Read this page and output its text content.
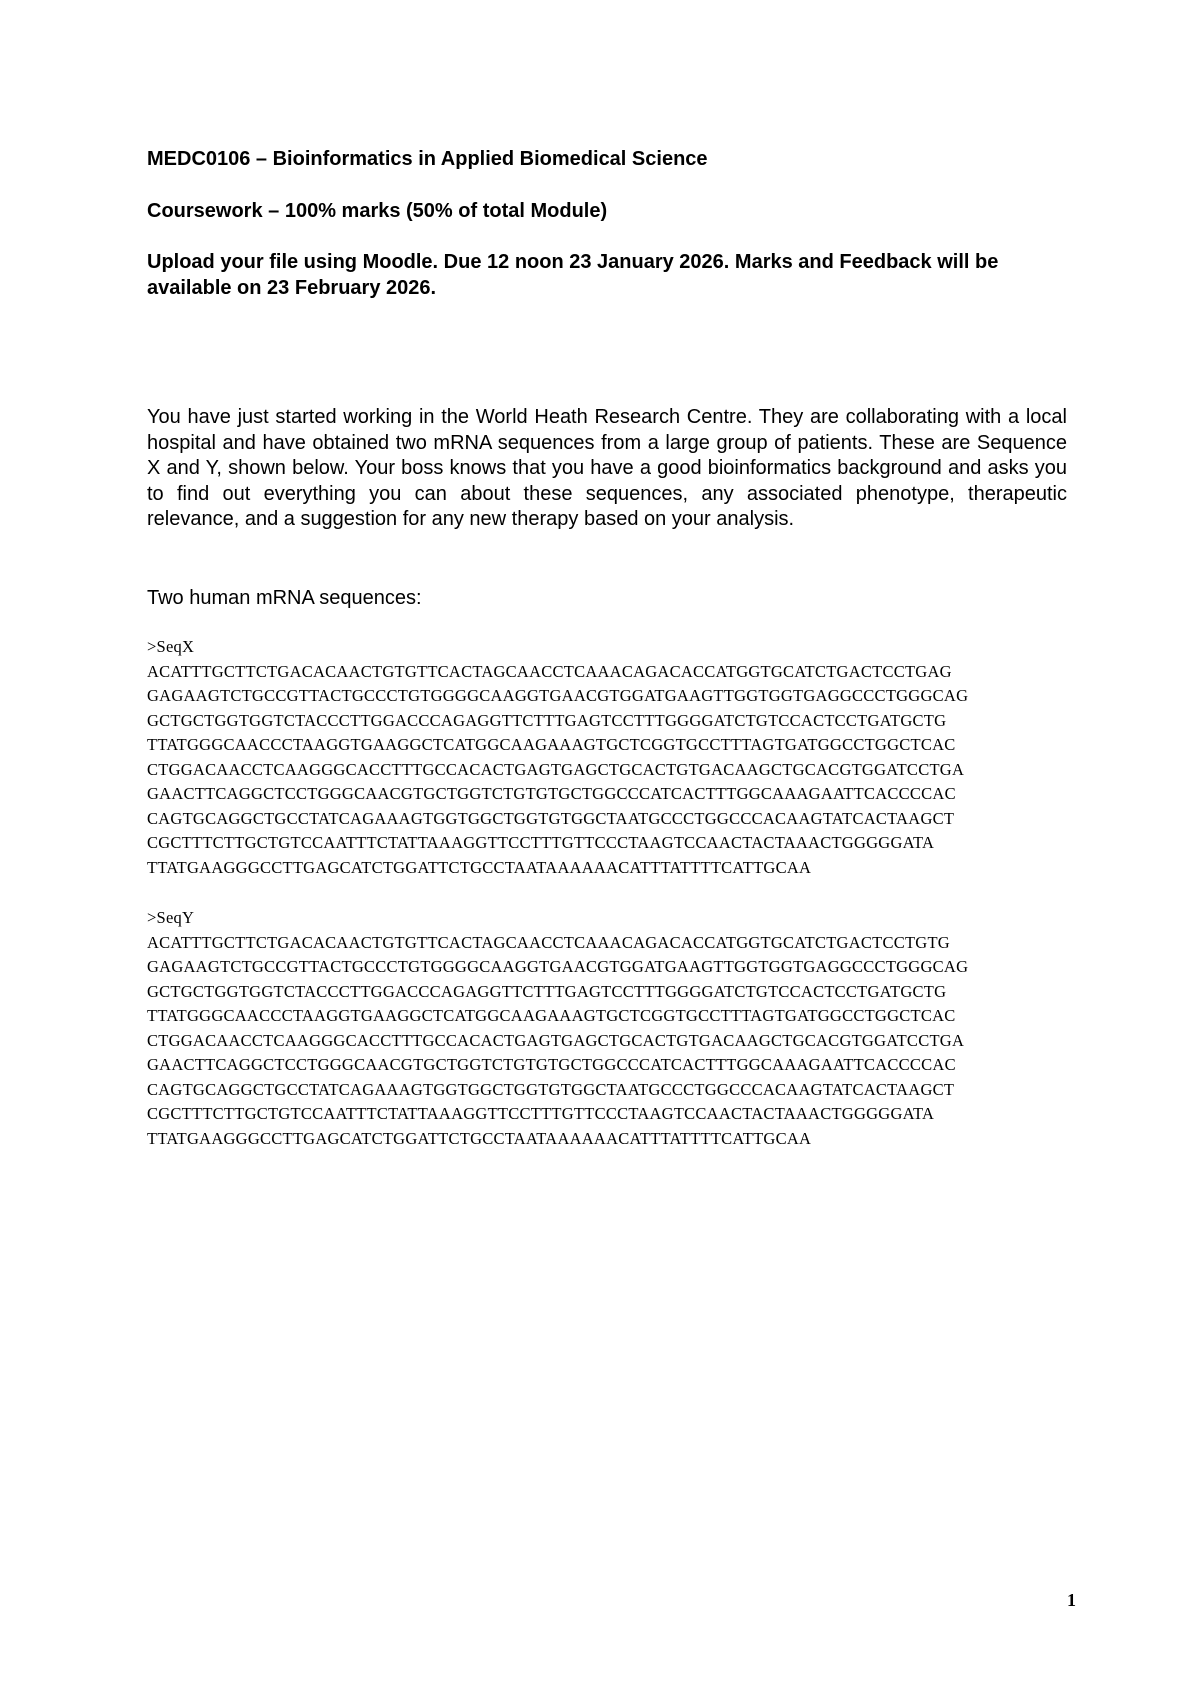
MEDC0106 – Bioinformatics in Applied Biomedical Science

Coursework – 100% marks (50% of total Module)

Upload your file using Moodle. Due 12 noon 23 January 2026. Marks and Feedback will be available on 23 February 2026.

You have just started working in the World Heath Research Centre. They are collaborating with a local hospital and have obtained two mRNA sequences from a large group of patients. These are Sequence X and Y, shown below. Your boss knows that you have a good bioinformatics background and asks you to find out everything you can about these sequences, any associated phenotype, therapeutic relevance, and a suggestion for any new therapy based on your analysis.

Two human mRNA sequences:

>SeqX
ACATTTGCTTCTGACACAACTGTGTTCACTAGCAACCTCAAACAGACACCATGGTGCATCTGACTCCTGAG
GAGAAGTCTGCCGTTACTGCCCTGTGGGGCAAGGTGAACGTGGATGAAGTTGGTGGTGAGGCCCTGGGCAG
GCTGCTGGTGGTCTACCCTTGGACCCAGAGGTTCTTTGAGTCCTTTGGGGATCTGTCCACTCCTGATGCTG
TTATGGGCAACCCTAAGGTGAAGGCTCATGGCAAGAAAGTGCTCGGTGCCTTTAGTGATGGCCTGGCTCAC
CTGGACAACCTCAAGGGCACCTTTGCCACACTGAGTGAGCTGCACTGTGACAAGCTGCACGTGGATCCTGA
GAACTTCAGGCTCCTGGGCAACGTGCTGGTCTGTGTGCTGGCCCATCACTTTGGCAAAGAATTCACCCCAC
CAGTGCAGGCTGCCTATCAGAAAGTGGTGGCTGGTGTGGCTAATGCCCTGGCCCACAAGTATCACTAAGCT
CGCTTTCTTGCTGTCCAATTTCTATTAAAGGTTCCTTTGTTCCCTAAGTCCAACTACTAAACTGGGGGATA
TTATGAAGGGCCTTGAGCATCTGGATTCTGCCTAATAAAAAACATTTATTTTCATTGCAA
>SeqY
ACATTTGCTTCTGACACAACTGTGTTCACTAGCAACCTCAAACAGACACCATGGTGCATCTGACTCCTGTG
GAGAAGTCTGCCGTTACTGCCCTGTGGGGCAAGGTGAACGTGGATGAAGTTGGTGGTGAGGCCCTGGGCAG
GCTGCTGGTGGTCTACCCTTGGACCCAGAGGTTCTTTGAGTCCTTTGGGGATCTGTCCACTCCTGATGCTG
TTATGGGCAACCCTAAGGTGAAGGCTCATGGCAAGAAAGTGCTCGGTGCCTTTAGTGATGGCCTGGCTCAC
CTGGACAACCTCAAGGGCACCTTTGCCACACTGAGTGAGCTGCACTGTGACAAGCTGCACGTGGATCCTGA
GAACTTCAGGCTCCTGGGCAACGTGCTGGTCTGTGTGCTGGCCCATCACTTTGGCAAAGAATTCACCCCAC
CAGTGCAGGCTGCCTATCAGAAAGTGGTGGCTGGTGTGGCTAATGCCCTGGCCCACAAGTATCACTAAGCT
CGCTTTCTTGCTGTCCAATTTCTATTAAAGGTTCCTTTGTTCCCTAAGTCCAACTACTAAACTGGGGGATA
TTATGAAGGGCCTTGAGCATCTGGATTCTGCCTAATAAAAAACATTTATTTTCATTGCAA
1
